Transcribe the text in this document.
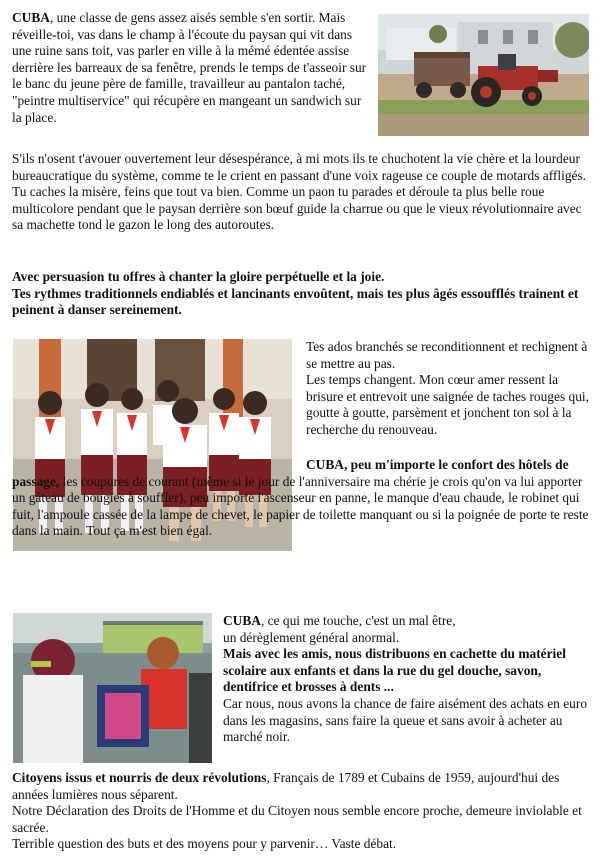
CUBA, une classe de gens assez aisés semble s'en sortir. Mais réveille-toi, vas dans le champ à l'écoute du paysan qui vit dans une ruine sans toit, vas parler en ville à la mémé édentée assise derrière les barreaux de sa fenêtre, prends le temps de t'asseoir sur le banc du jeune père de famille, travailleur au pantalon taché, "peintre multiservice" qui récupère en mangeant un sandwich sur la place.

S'ils n'osent t'avouer ouvertement leur désespérance, à mi mots ils te chuchotent la vie chère et la lourdeur bureaucratique du système, comme te le crient en passant d'une voix rageuse ce couple de motards affligés.

Tu caches la misère, feins que tout va bien. Comme un paon tu parades et déroule ta plus belle roue multicolore pendant que le paysan derrière son bœuf guide la charrue ou que le vieux révolutionnaire avec sa machette tond le gazon le long des autoroutes.

Avec persuasion tu offres à chanter la gloire perpétuelle et la joie.

Tes rythmes traditionnels endiablés et lancinants envoûtent, mais tes plus âgés essoufflés trainent et peinent à danser sereinement.

Tes ados branchés se reconditionnent et rechignent à se mettre au pas.

Les temps changent. Mon cœur amer ressent la brisure et entrevoit une saignée de taches rouges qui, goutte à goutte, parsèment et jonchent ton sol à la recherche du renouveau.

CUBA, peu m'importe le confort des hôtels de passage, les coupures de courant (même si le jour de l'anniversaire ma chérie je crois qu'on va lui apporter un gâteau de bougies à souffler), peu importe l'ascenseur en panne, le manque d'eau chaude, le robinet qui fuit, l'ampoule cassée de la lampe de chevet, le papier de toilette manquant ou si la poignée de porte te reste dans la main. Tout ça m'est bien égal.

CUBA, ce qui me touche, c'est un mal être,

un dérèglement général anormal.

Mais avec les amis, nous distribuons en cachette du matériel scolaire aux enfants et dans la rue du gel douche, savon, dentifrice et brosses à dents ...

Car nous, nous avons la chance de faire aisément des achats en euro dans les magasins, sans faire la queue et sans avoir à acheter au marché noir.

Citoyens issus et nourris de deux révolutions, Français de 1789 et Cubains de 1959, aujourd'hui des années lumières nous séparent.

Notre Déclaration des Droits de l'Homme et du Citoyen nous semble encore proche, demeure inviolable et sacrée.

Terrible question des buts et des moyens pour y parvenir… Vaste débat.
